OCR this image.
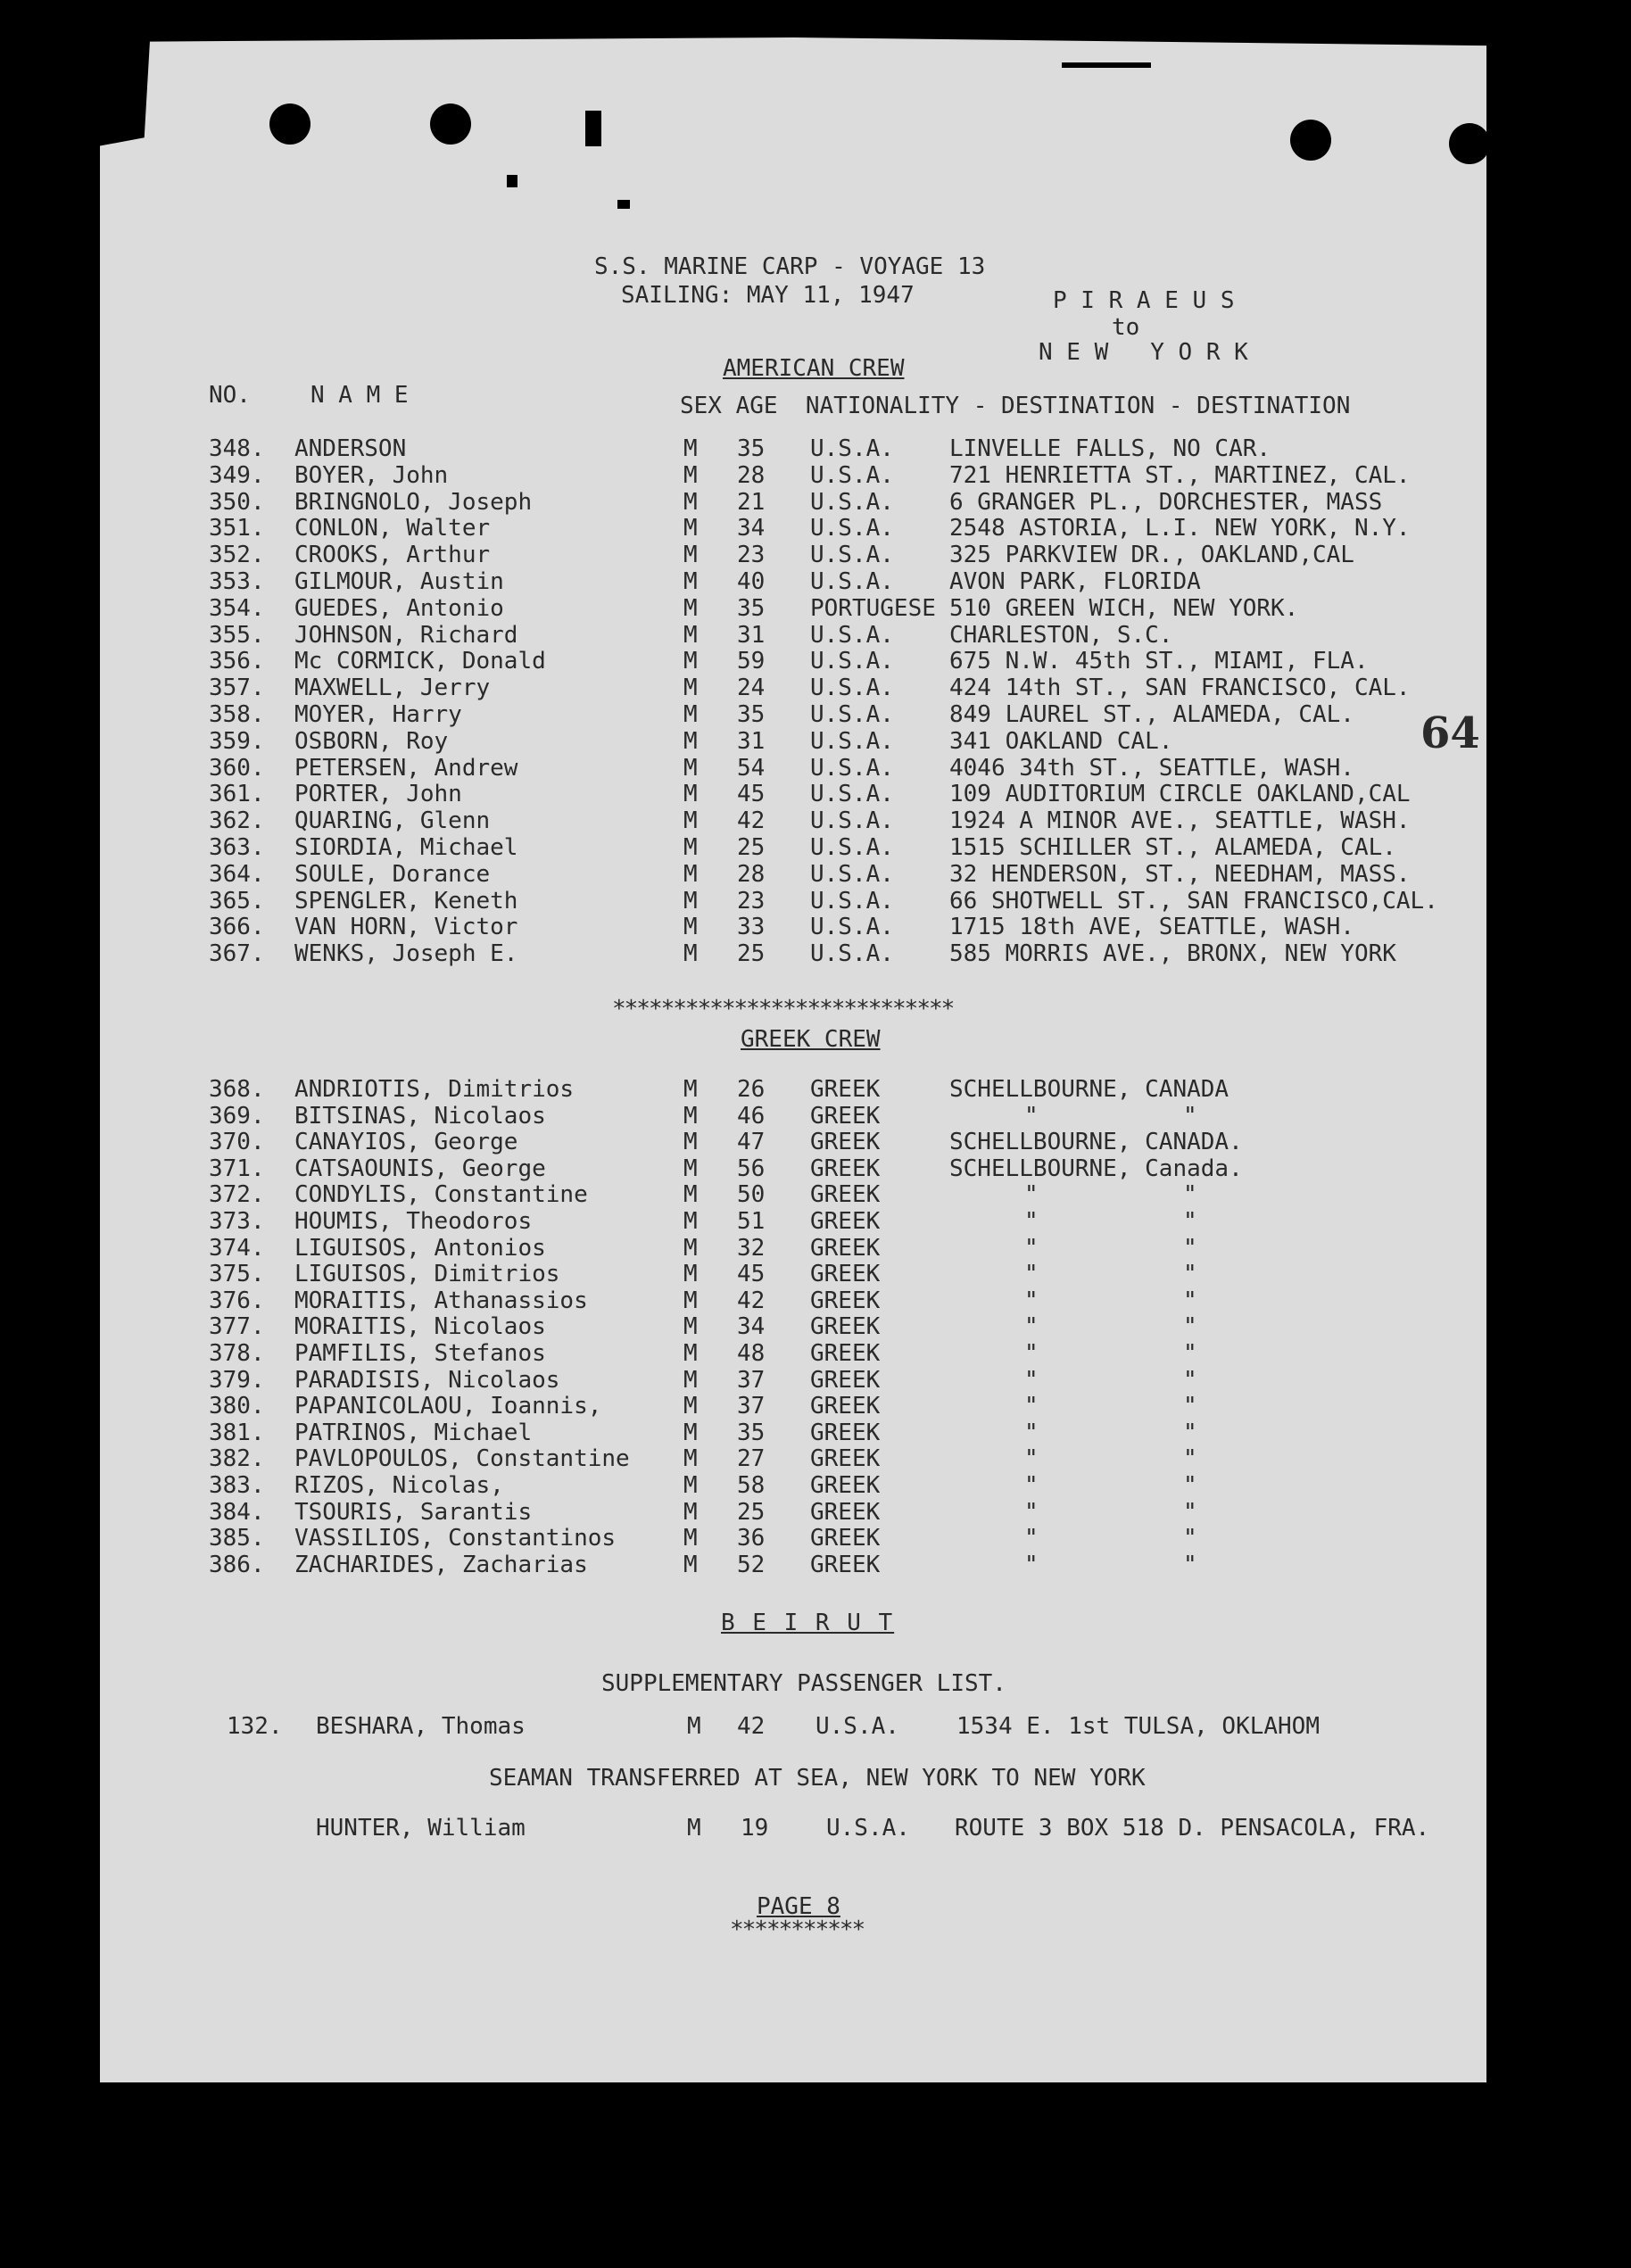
S.S. MARINE CARP - VOYAGE 13
SAILING: MAY 11, 1947	P I R A E U S
to
N E W   Y O R K
AMERICAN CREW
NO.	N A M E	SEX AGE  NATIONALITY - DESTINATION - DESTINATION
348. ANDERSON	M 35 U.S.A. LINVELLE FALLS, NO CAR.
349. BOYER, John	M 28 U.S.A. 721 HENRIETTA ST., MARTINEZ, CAL.
350. BRINGNOLO, Joseph	M 21 U.S.A. 6 GRANGER PL., DORCHESTER, MASS
351. CONLON, Walter	M 34 U.S.A. 2548 ASTORIA, L.I. NEW YORK, N.Y.
352. CROOKS, Arthur	M 23 U.S.A. 325 PARKVIEW DR., OAKLAND,CAL
353. GILMOUR, Austin	M 40 U.S.A. AVON PARK, FLORIDA
354. GUEDES, Antonio	M 35 PORTUGESE 510 GREEN WICH, NEW YORK.
355. JOHNSON, Richard	M 31 U.S.A. CHARLESTON, S.C.
356. Mc CORMICK, Donald	M 59 U.S.A. 675 N.W. 45th ST., MIAMI, FLA.
357. MAXWELL, Jerry	M 24 U.S.A. 424 14th ST., SAN FRANCISCO, CAL.
358. MOYER, Harry	M 35 U.S.A. 849 LAUREL ST., ALAMEDA, CAL.
359. OSBORN, Roy	M 31 U.S.A. 341 OAKLAND CAL.
360. PETERSEN, Andrew	M 54 U.S.A. 4046 34th ST., SEATTLE, WASH.
361. PORTER, John	M 45 U.S.A. 109 AUDITORIUM CIRCLE OAKLAND,CAL
362. QUARING, Glenn	M 42 U.S.A. 1924 A MINOR AVE., SEATTLE, WASH.
363. SIORDIA, Michael	M 25 U.S.A. 1515 SCHILLER ST., ALAMEDA, CAL.
364. SOULE, Dorance	M 28 U.S.A. 32 HENDERSON, ST., NEEDHAM, MASS.
365. SPENGLER, Keneth	M 23 U.S.A. 66 SHOTWELL ST., SAN FRANCISCO,CAL.
366. VAN HORN, Victor	M 33 U.S.A. 1715 18th AVE, SEATTLE, WASH.
367. WENKS, Joseph E.	M 25 U.S.A. 585 MORRIS AVE., BRONX, NEW YORK
****************************
GREEK CREW
368. ANDRIOTIS, Dimitrios	M 26 GREEK	SCHELLBOURNE, CANADA
369. BITSINAS, Nicolaos	M 46 GREEK	"	"
370. CANAYIOS, George	M 47 GREEK	SCHELLBOURNE, CANADA.
371. CATSAOUNIS, George	M 56 GREEK	SCHELLBOURNE, Canada.
372. CONDYLIS, Constantine	M 50 GREEK	"	"
373. HOUMIS, Theodoros	M 51 GREEK	"	"
374. LIGUISOS, Antonios	M 32 GREEK	"	"
375. LIGUISOS, Dimitrios	M 45 GREEK	"	"
376. MORAITIS, Athanassios	M 42 GREEK	"	"
377. MORAITIS, Nicolaos	M 34 GREEK	"	"
378. PAMFILIS, Stefanos	M 48 GREEK	"	"
379. PARADISIS, Nicolaos	M 37 GREEK	"	"
380. PAPANICOLAOU, Ioannis,	M 37 GREEK	"	"
381. PATRINOS, Michael	M 35 GREEK	"	"
382. PAVLOPOULOS, Constantine M 27 GREEK	"	"
383. RIZOS, Nicolas,	M 58 GREEK	"	"
384. TSOURIS, Sarantis	M 25 GREEK	"	"
385. VASSILIOS, Constantinos	M 36 GREEK	"	"
386. ZACHARIDES, Zacharias	M 52 GREEK	"	"
B E I R U T
SUPPLEMENTARY PASSENGER LIST.
132. BESHARA, Thomas	M 42 U.S.A. 1534 E. 1st TULSA, OKLAHOM
SEAMAN TRANSFERRED AT SEA, NEW YORK TO NEW YORK
HUNTER, William	M 19 U.S.A. ROUTE 3 BOX 518 D. PENSACOLA, FRA.
PAGE 8
***********
64
